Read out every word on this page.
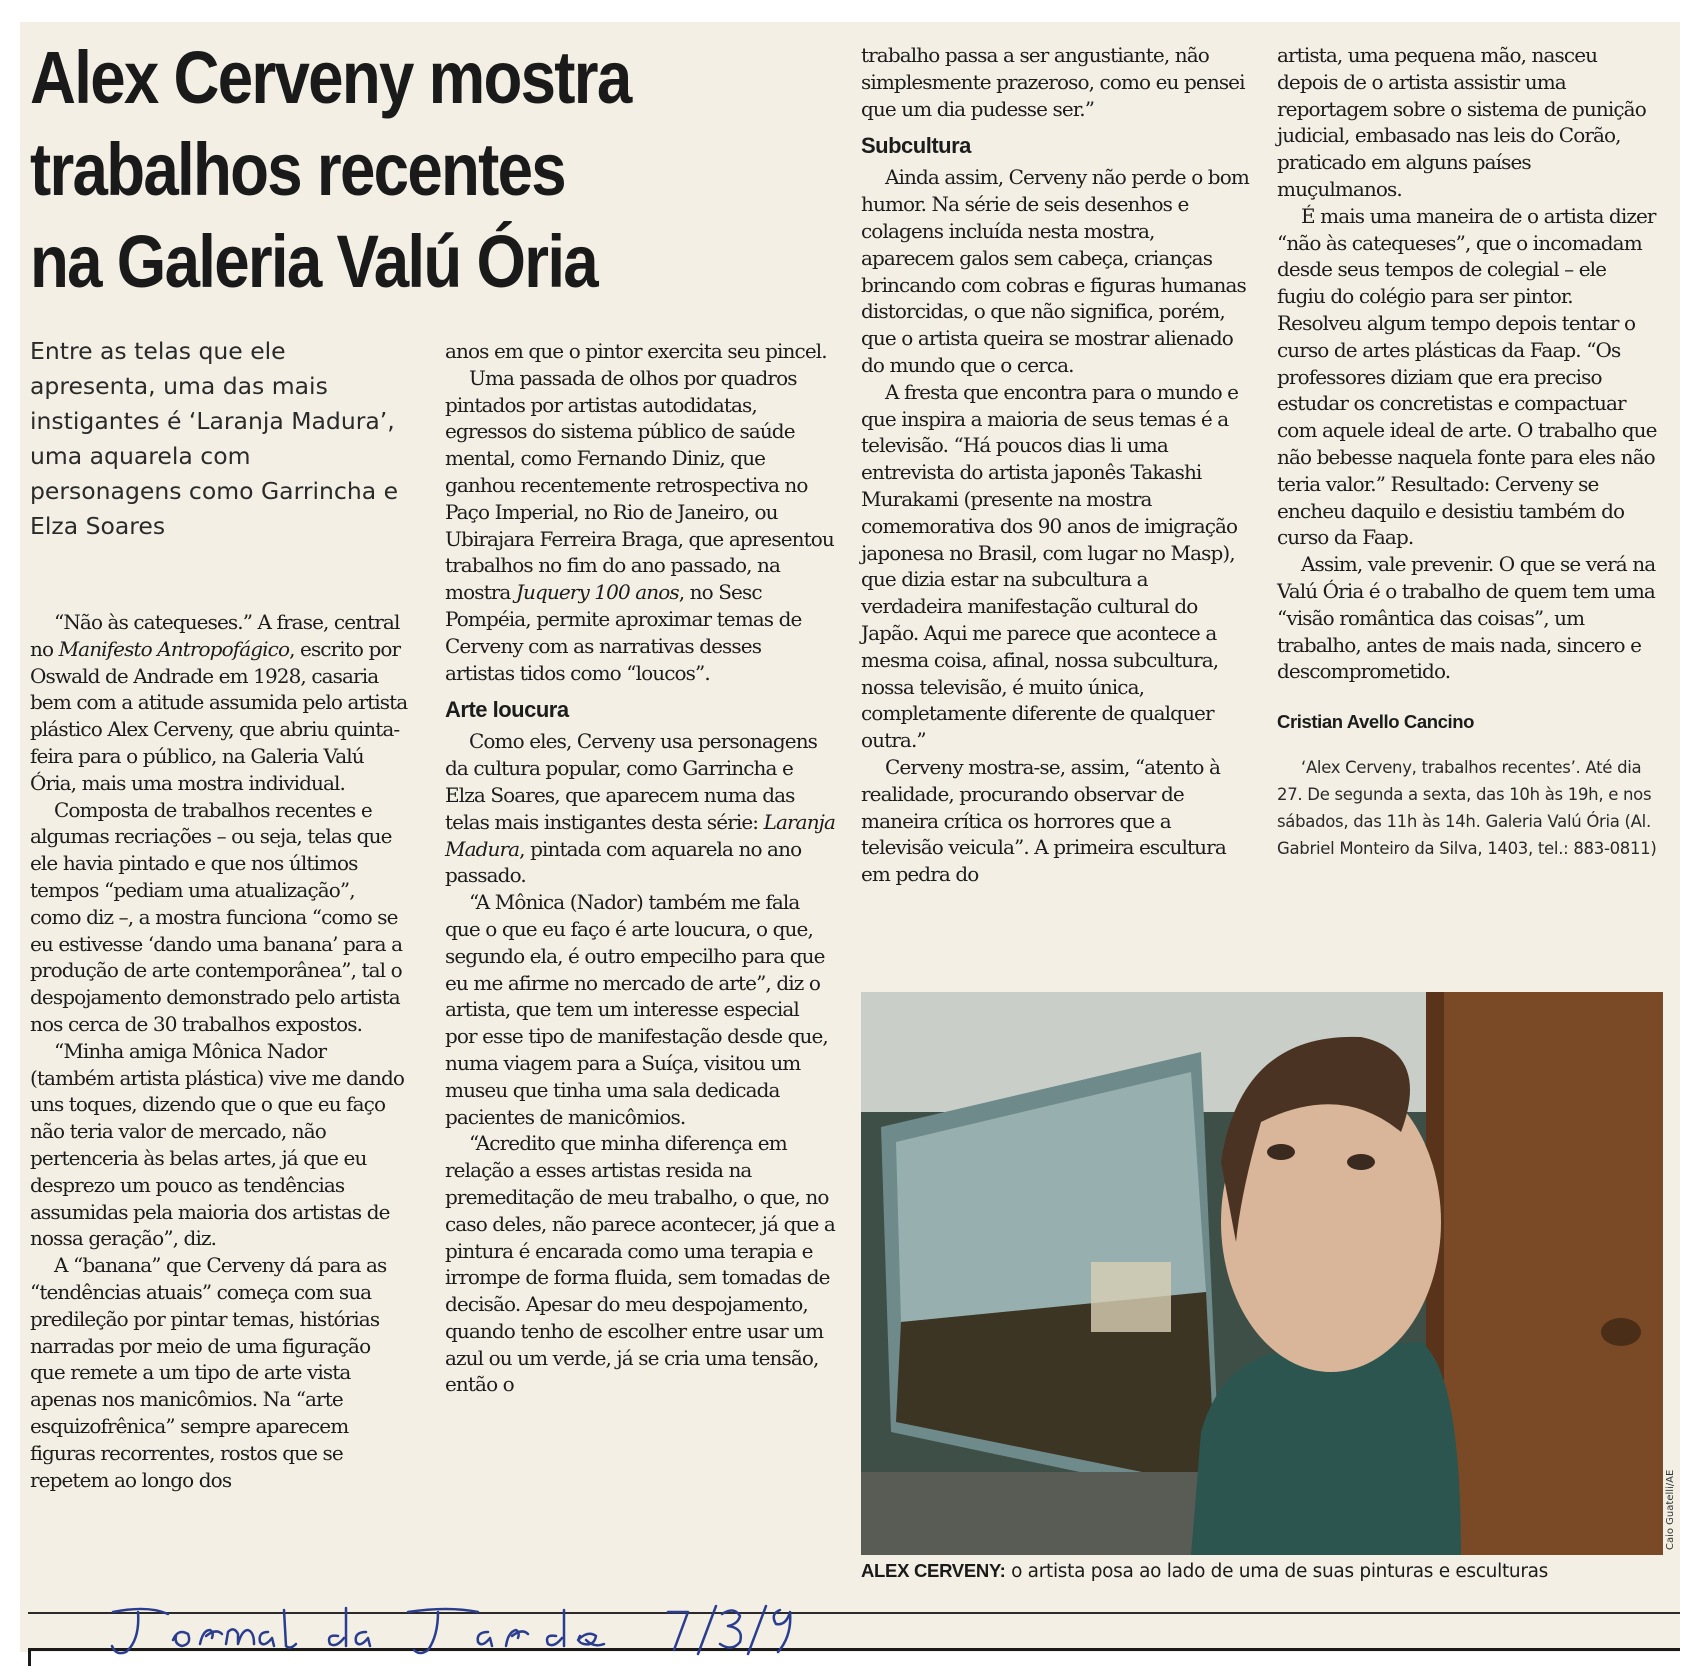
Alex Cerveny mostra
trabalhos recentes
na Galeria Valú Ória

Entre as telas que ele apresenta, uma das mais instigantes é ‘Laranja Madura’, uma aquarela com personagens como Garrincha e Elza Soares

“Não às catequeses.” A frase, central no Manifesto Antropofágico, escrito por Oswald de Andrade em 1928, casaria bem com a atitude assumida pelo artista plástico Alex Cerveny, que abriu quinta-feira para o público, na Galeria Valú Ória, mais uma mostra individual.

Composta de trabalhos recentes e algumas recriações – ou seja, telas que ele havia pintado e que nos últimos tempos “pediam uma atualização”, como diz –, a mostra funciona “como se eu estivesse ‘dando uma banana’ para a produção de arte contemporânea”, tal o despojamento demonstrado pelo artista nos cerca de 30 trabalhos expostos.

“Minha amiga Mônica Nador (também artista plástica) vive me dando uns toques, dizendo que o que eu faço não teria valor de mercado, não pertenceria às belas artes, já que eu desprezo um pouco as tendências assumidas pela maioria dos artistas de nossa geração”, diz.

A “banana” que Cerveny dá para as “tendências atuais” começa com sua predileção por pintar temas, histórias narradas por meio de uma figuração que remete a um tipo de arte vista apenas nos manicômios. Na “arte esquizofrênica” sempre aparecem figuras recorrentes, rostos que se repetem ao longo dos

anos em que o pintor exercita seu pincel.

Uma passada de olhos por quadros pintados por artistas autodidatas, egressos do sistema público de saúde mental, como Fernando Diniz, que ganhou recentemente retrospectiva no Paço Imperial, no Rio de Janeiro, ou Ubirajara Ferreira Braga, que apresentou trabalhos no fim do ano passado, na mostra Juquery 100 anos, no Sesc Pompéia, permite aproximar temas de Cerveny com as narrativas desses artistas tidos como “loucos”.

Arte loucura

Como eles, Cerveny usa personagens da cultura popular, como Garrincha e Elza Soares, que aparecem numa das telas mais instigantes desta série: Laranja Madura, pintada com aquarela no ano passado.

“A Mônica (Nador) também me fala que o que eu faço é arte loucura, o que, segundo ela, é outro empecilho para que eu me afirme no mercado de arte”, diz o artista, que tem um interesse especial por esse tipo de manifestação desde que, numa viagem para a Suíça, visitou um museu que tinha uma sala dedicada pacientes de manicômios.

“Acredito que minha diferença em relação a esses artistas resida na premeditação de meu trabalho, o que, no caso deles, não parece acontecer, já que a pintura é encarada como uma terapia e irrompe de forma fluida, sem tomadas de decisão. Apesar do meu despojamento, quando tenho de escolher entre usar um azul ou um verde, já se cria uma tensão, então o

trabalho passa a ser angustiante, não simplesmente prazeroso, como eu pensei que um dia pudesse ser.”

Subcultura

Ainda assim, Cerveny não perde o bom humor. Na série de seis desenhos e colagens incluída nesta mostra, aparecem galos sem cabeça, crianças brincando com cobras e figuras humanas distorcidas, o que não significa, porém, que o artista queira se mostrar alienado do mundo que o cerca.

A fresta que encontra para o mundo e que inspira a maioria de seus temas é a televisão. “Há poucos dias li uma entrevista do artista japonês Takashi Murakami (presente na mostra comemorativa dos 90 anos de imigração japonesa no Brasil, com lugar no Masp), que dizia estar na subcultura a verdadeira manifestação cultural do Japão. Aqui me parece que acontece a mesma coisa, afinal, nossa subcultura, nossa televisão, é muito única, completamente diferente de qualquer outra.”

Cerveny mostra-se, assim, “atento à realidade, procurando observar de maneira crítica os horrores que a televisão veicula”. A primeira escultura em pedra do

artista, uma pequena mão, nasceu depois de o artista assistir uma reportagem sobre o sistema de punição judicial, embasado nas leis do Corão, praticado em alguns países muçulmanos.

É mais uma maneira de o artista dizer “não às catequeses”, que o incomadam desde seus tempos de colegial – ele fugiu do colégio para ser pintor. Resolveu algum tempo depois tentar o curso de artes plásticas da Faap. “Os professores diziam que era preciso estudar os concretistas e compactuar com aquele ideal de arte. O trabalho que não bebesse naquela fonte para eles não teria valor.” Resultado: Cerveny se encheu daquilo e desistiu também do curso da Faap.

Assim, vale prevenir. O que se verá na Valú Ória é o trabalho de quem tem uma “visão romântica das coisas”, um trabalho, antes de mais nada, sincero e descomprometido.

Cristian Avello Cancino

‘Alex Cerveny, trabalhos recentes’. Até dia 27. De segunda a sexta, das 10h às 19h, e nos sábados, das 11h às 14h. Galeria Valú Ória (Al. Gabriel Monteiro da Silva, 1403, tel.: 883-0811)

Caio Guatelli/AE
ALEX CERVENY: o artista posa ao lado de uma de suas pinturas e esculturas
